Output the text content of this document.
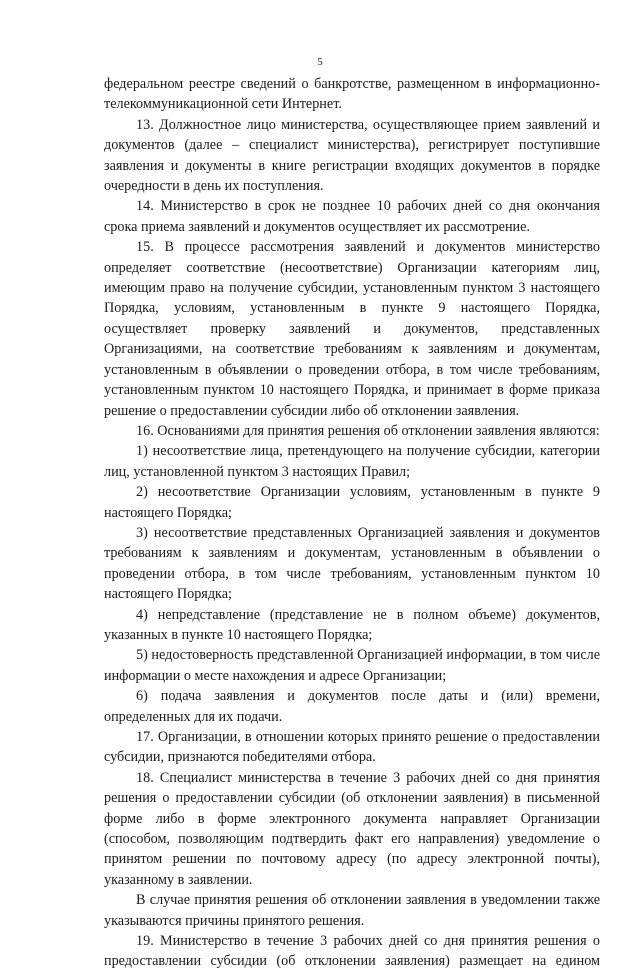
5

федеральном реестре сведений о банкротстве, размещенном в информационно-телекоммуникационной сети Интернет.

13. Должностное лицо министерства, осуществляющее прием заявлений и документов (далее – специалист министерства), регистрирует поступившие заявления и документы в книге регистрации входящих документов в порядке очередности в день их поступления.

14. Министерство в срок не позднее 10 рабочих дней со дня окончания срока приема заявлений и документов осуществляет их рассмотрение.

15. В процессе рассмотрения заявлений и документов министерство определяет соответствие (несоответствие) Организации категориям лиц, имеющим право на получение субсидии, установленным пунктом 3 настоящего Порядка, условиям, установленным в пункте 9 настоящего Порядка, осуществляет проверку заявлений и документов, представленных Организациями, на соответствие требованиям к заявлениям и документам, установленным в объявлении о проведении отбора, в том числе требованиям, установленным пунктом 10 настоящего Порядка, и принимает в форме приказа решение о предоставлении субсидии либо об отклонении заявления.

16. Основаниями для принятия решения об отклонении заявления являются:

1) несоответствие лица, претендующего на получение субсидии, категории лиц, установленной пунктом 3 настоящих Правил;

2) несоответствие Организации условиям, установленным в пункте 9 настоящего Порядка;

3) несоответствие представленных Организацией заявления и документов требованиям к заявлениям и документам, установленным в объявлении о проведении отбора, в том числе требованиям, установленным пунктом 10 настоящего Порядка;

4) непредставление (представление не в полном объеме) документов, указанных в пункте 10 настоящего Порядка;

5) недостоверность представленной Организацией информации, в том числе информации о месте нахождения и адресе Организации;

6) подача заявления и документов после даты и (или) времени, определенных для их подачи.

17. Организации, в отношении которых принято решение о предоставлении субсидии, признаются победителями отбора.

18. Специалист министерства в течение 3 рабочих дней со дня принятия решения о предоставлении субсидии (об отклонении заявления) в письменной форме либо в форме электронного документа направляет Организации (способом, позволяющим подтвердить факт его направления) уведомление о принятом решении по почтовому адресу (по адресу электронной почты), указанному в заявлении.

В случае принятия решения об отклонении заявления в уведомлении также указываются причины принятого решения.

19. Министерство в течение 3 рабочих дней со дня принятия решения о предоставлении субсидии (об отклонении заявления) размещает на едином
